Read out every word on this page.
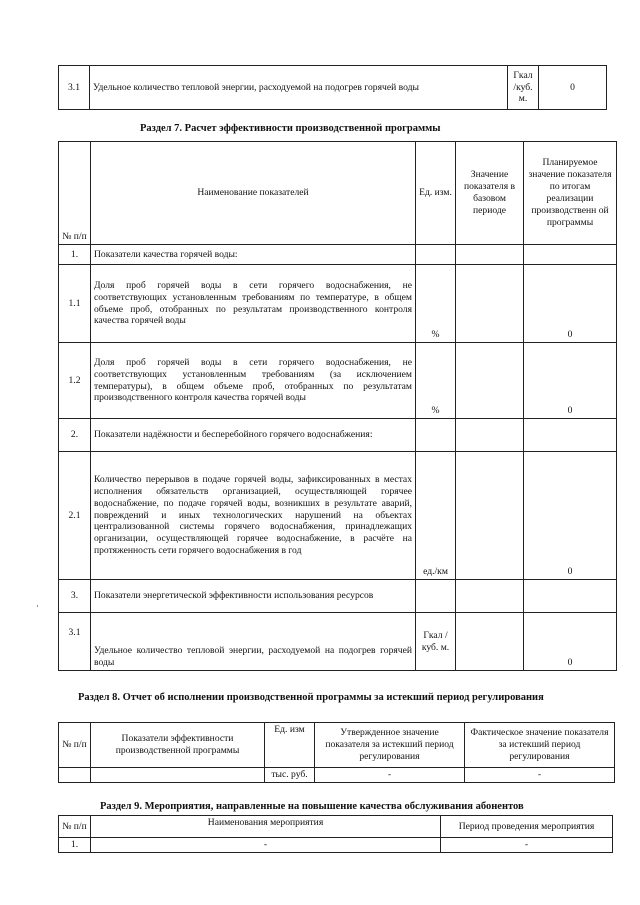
3.1	Удельное количество тепловой энергии, расходуемой на подогрев горячей воды	Гкал /куб. м.	0
Раздел 7. Расчет эффективности производственной программы
№ п/п	Наименование показателей	Ед. изм.	Значение показателя в базовом периоде	Планируемое значение показателя по итогам реализации производственн ой программы
1.	Показатели качества горячей воды:			
1.1	Доля проб горячей воды в сети горячего водоснабжения, не соответствующих установленным требованиям по температуре, в общем объеме проб, отобранных по результатам производственного контроля качества горячей воды	%		0
1.2	Доля проб горячей воды в сети горячего водоснабжения, не соответствующих установленным требованиям (за исключением температуры), в общем объеме проб, отобранных по результатам производственного контроля качества горячей воды	%		0
2.	Показатели надёжности и бесперебойного горячего водоснабжения:			
2.1	Количество перерывов в подаче горячей воды, зафиксированных в местах исполнения обязательств организацией, осуществляющей горячее водоснабжение, по подаче горячей воды, возникших в результате аварий, повреждений и иных технологических нарушений на объектах централизованной системы горячего водоснабжения, принадлежащих организации, осуществляющей горячее водоснабжение, в расчёте на протяженность сети горячего водоснабжения в год	ед./км		0
3.	Показатели энергетической эффективности использования ресурсов			
3.1	Удельное количество тепловой энергии, расходуемой на подогрев горячей воды	Гкал / куб. м.		0
·
Раздел 8. Отчет об исполнении производственной программы за истекший период регулирования
№ п/п	Показатели эффективности производственной программы	Ед. изм	Утвержденное значение показателя за истекший период регулирования	Фактическое значение показателя за истекший период регулирования
		тыс. руб.	-	-
Раздел 9. Мероприятия, направленные на повышение качества обслуживания абонентов
№ п/п	Наименования мероприятия	Период проведения мероприятия
1.	-	-
